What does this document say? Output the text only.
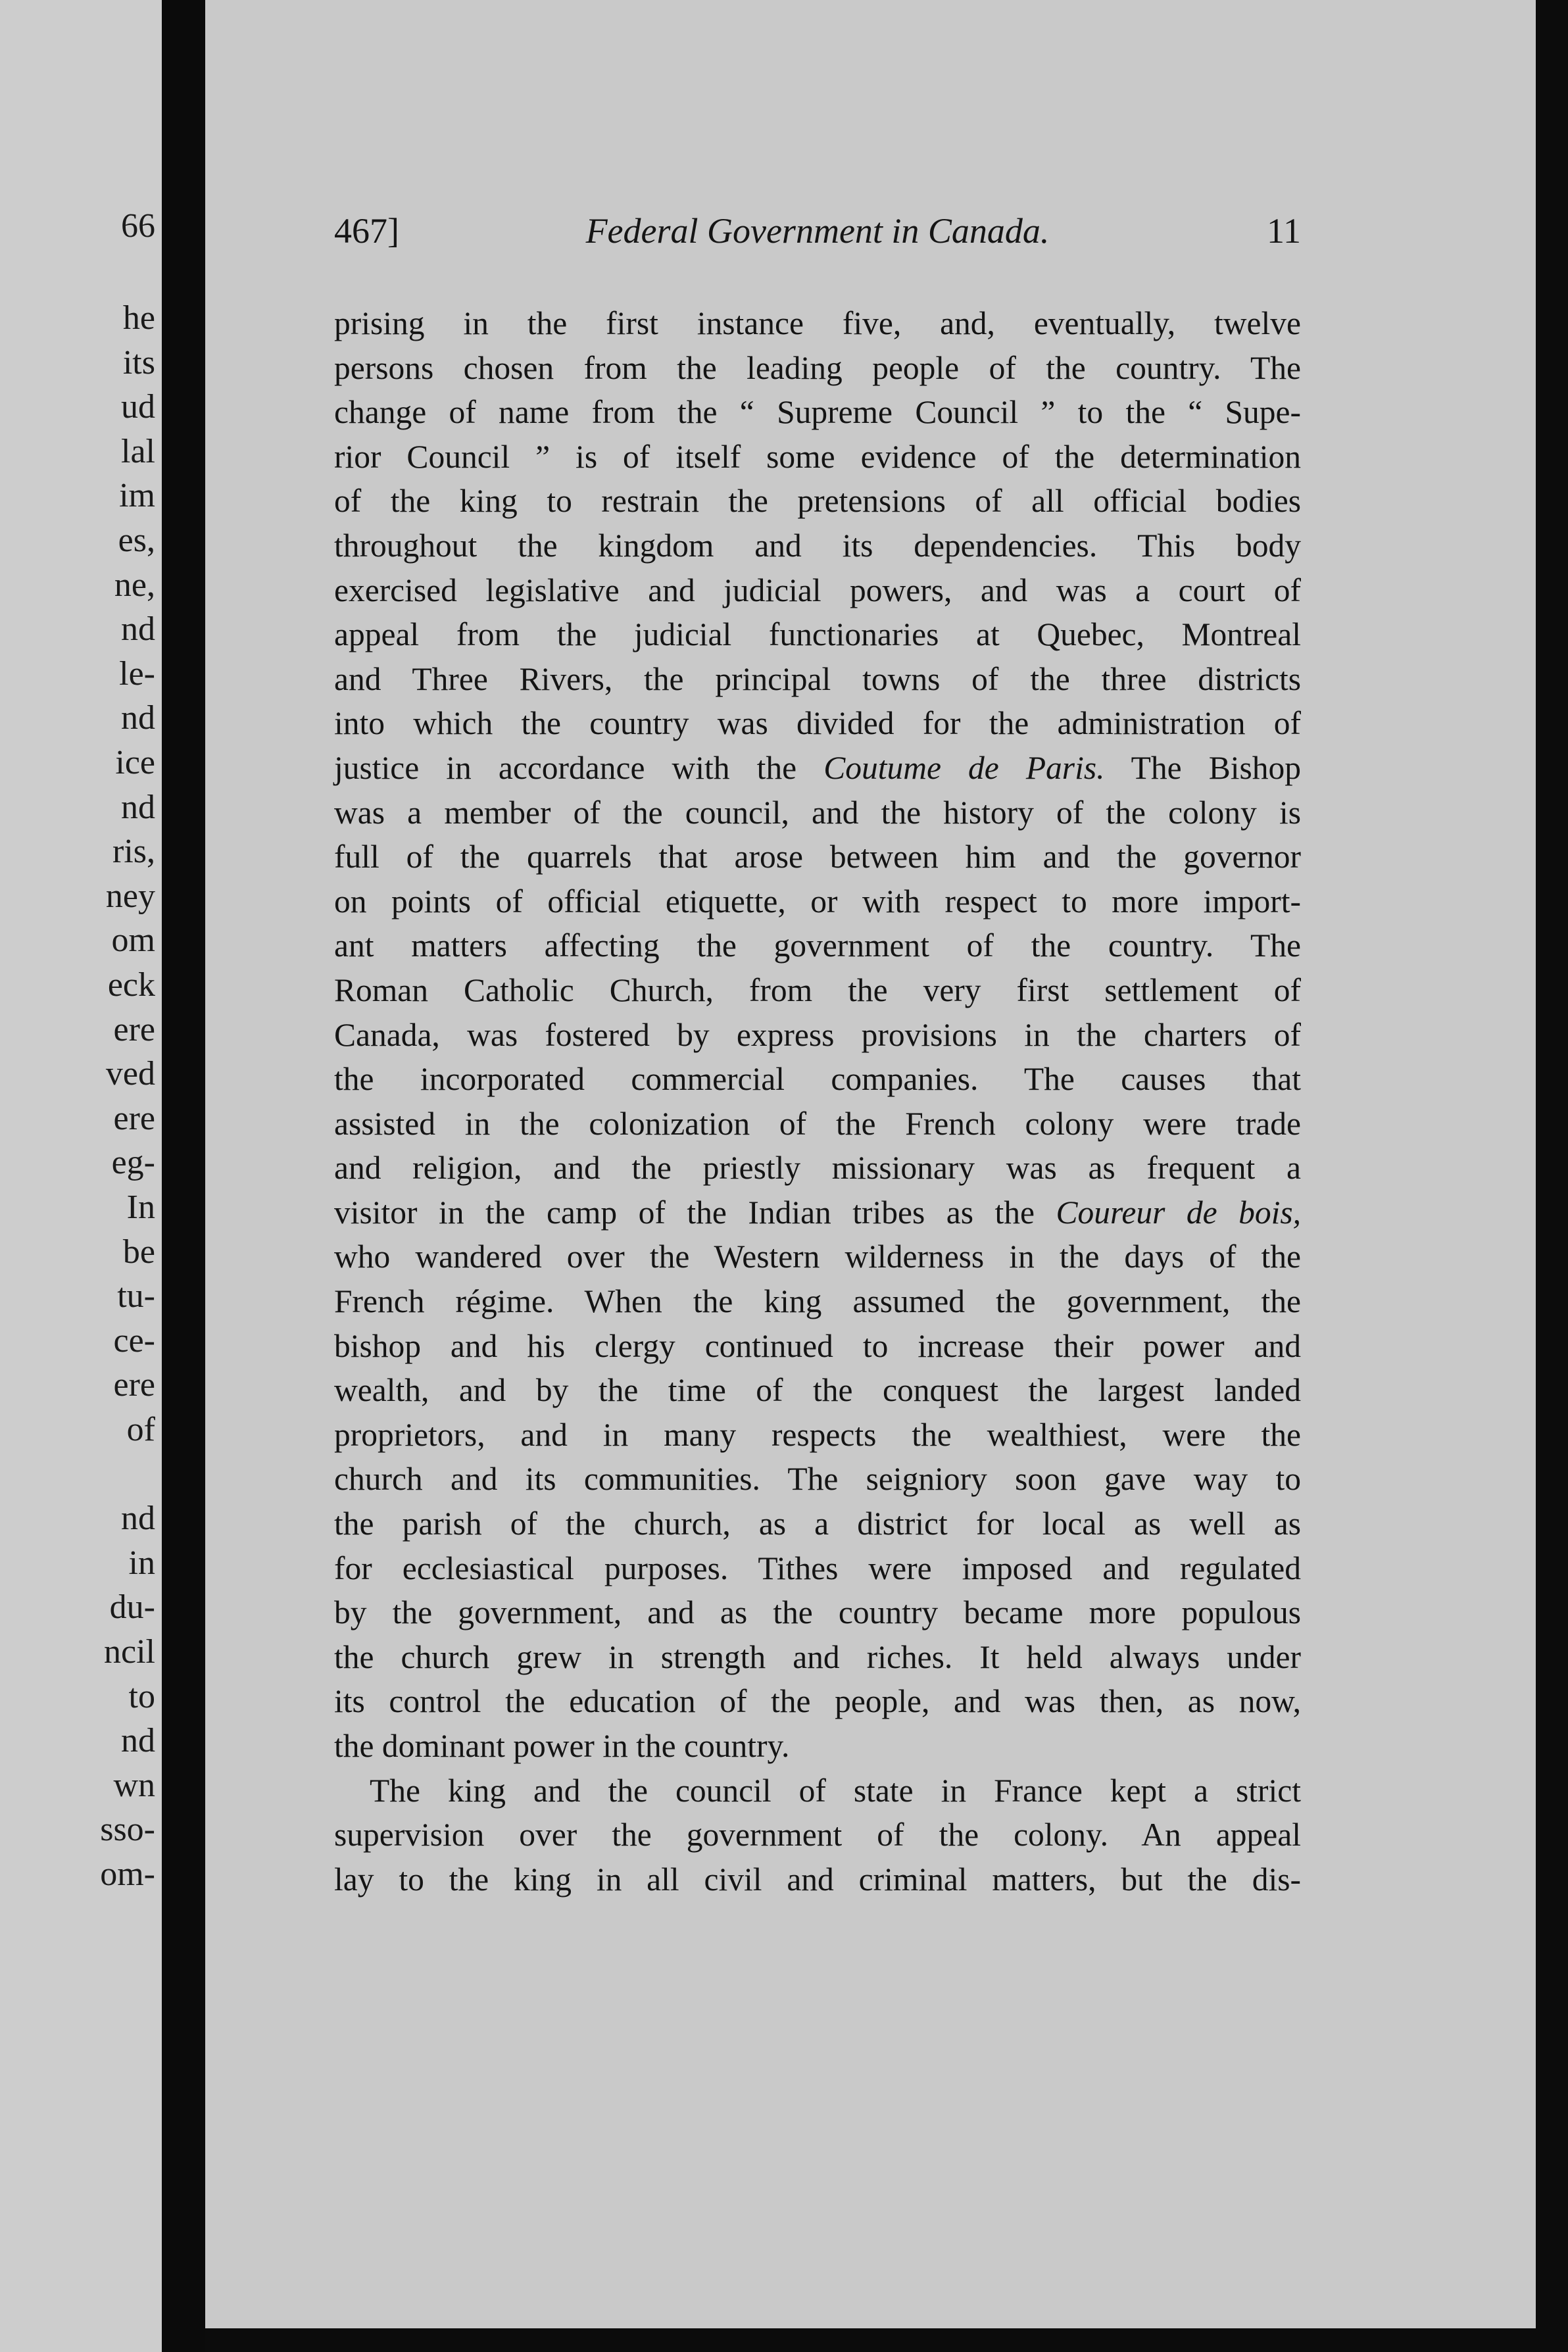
66
he
its
ud
lal
im
es,
ne,
nd
le-
nd
ice
nd
ris,
ney
om
eck
ere
ved
ere
eg-
In
be
tu-
ce-
ere
of
nd
in
du-
ncil
to
nd
wn
sso-
om-
467]	Federal Government in Canada.	11
prising in the first instance five, and, eventually, twelve
persons chosen from the leading people of the country. The
change of name from the “ Supreme Council ” to the “ Supe-
rior Council ” is of itself some evidence of the determination
of the king to restrain the pretensions of all official bodies
throughout the kingdom and its dependencies. This body
exercised legislative and judicial powers, and was a court of
appeal from the judicial functionaries at Quebec, Montreal
and Three Rivers, the principal towns of the three districts
into which the country was divided for the administration of
justice in accordance with the Coutume de Paris. The Bishop
was a member of the council, and the history of the colony is
full of the quarrels that arose between him and the governor
on points of official etiquette, or with respect to more import-
ant matters affecting the government of the country. The
Roman Catholic Church, from the very first settlement of
Canada, was fostered by express provisions in the charters of
the incorporated commercial companies. The causes that
assisted in the colonization of the French colony were trade
and religion, and the priestly missionary was as frequent a
visitor in the camp of the Indian tribes as the Coureur de bois,
who wandered over the Western wilderness in the days of the
French régime. When the king assumed the government, the
bishop and his clergy continued to increase their power and
wealth, and by the time of the conquest the largest landed
proprietors, and in many respects the wealthiest, were the
church and its communities. The seigniory soon gave way to
the parish of the church, as a district for local as well as
for ecclesiastical purposes. Tithes were imposed and regulated
by the government, and as the country became more populous
the church grew in strength and riches. It held always under
its control the education of the people, and was then, as now,
the dominant power in the country.
The king and the council of state in France kept a strict
supervision over the government of the colony. An appeal
lay to the king in all civil and criminal matters, but the dis-
